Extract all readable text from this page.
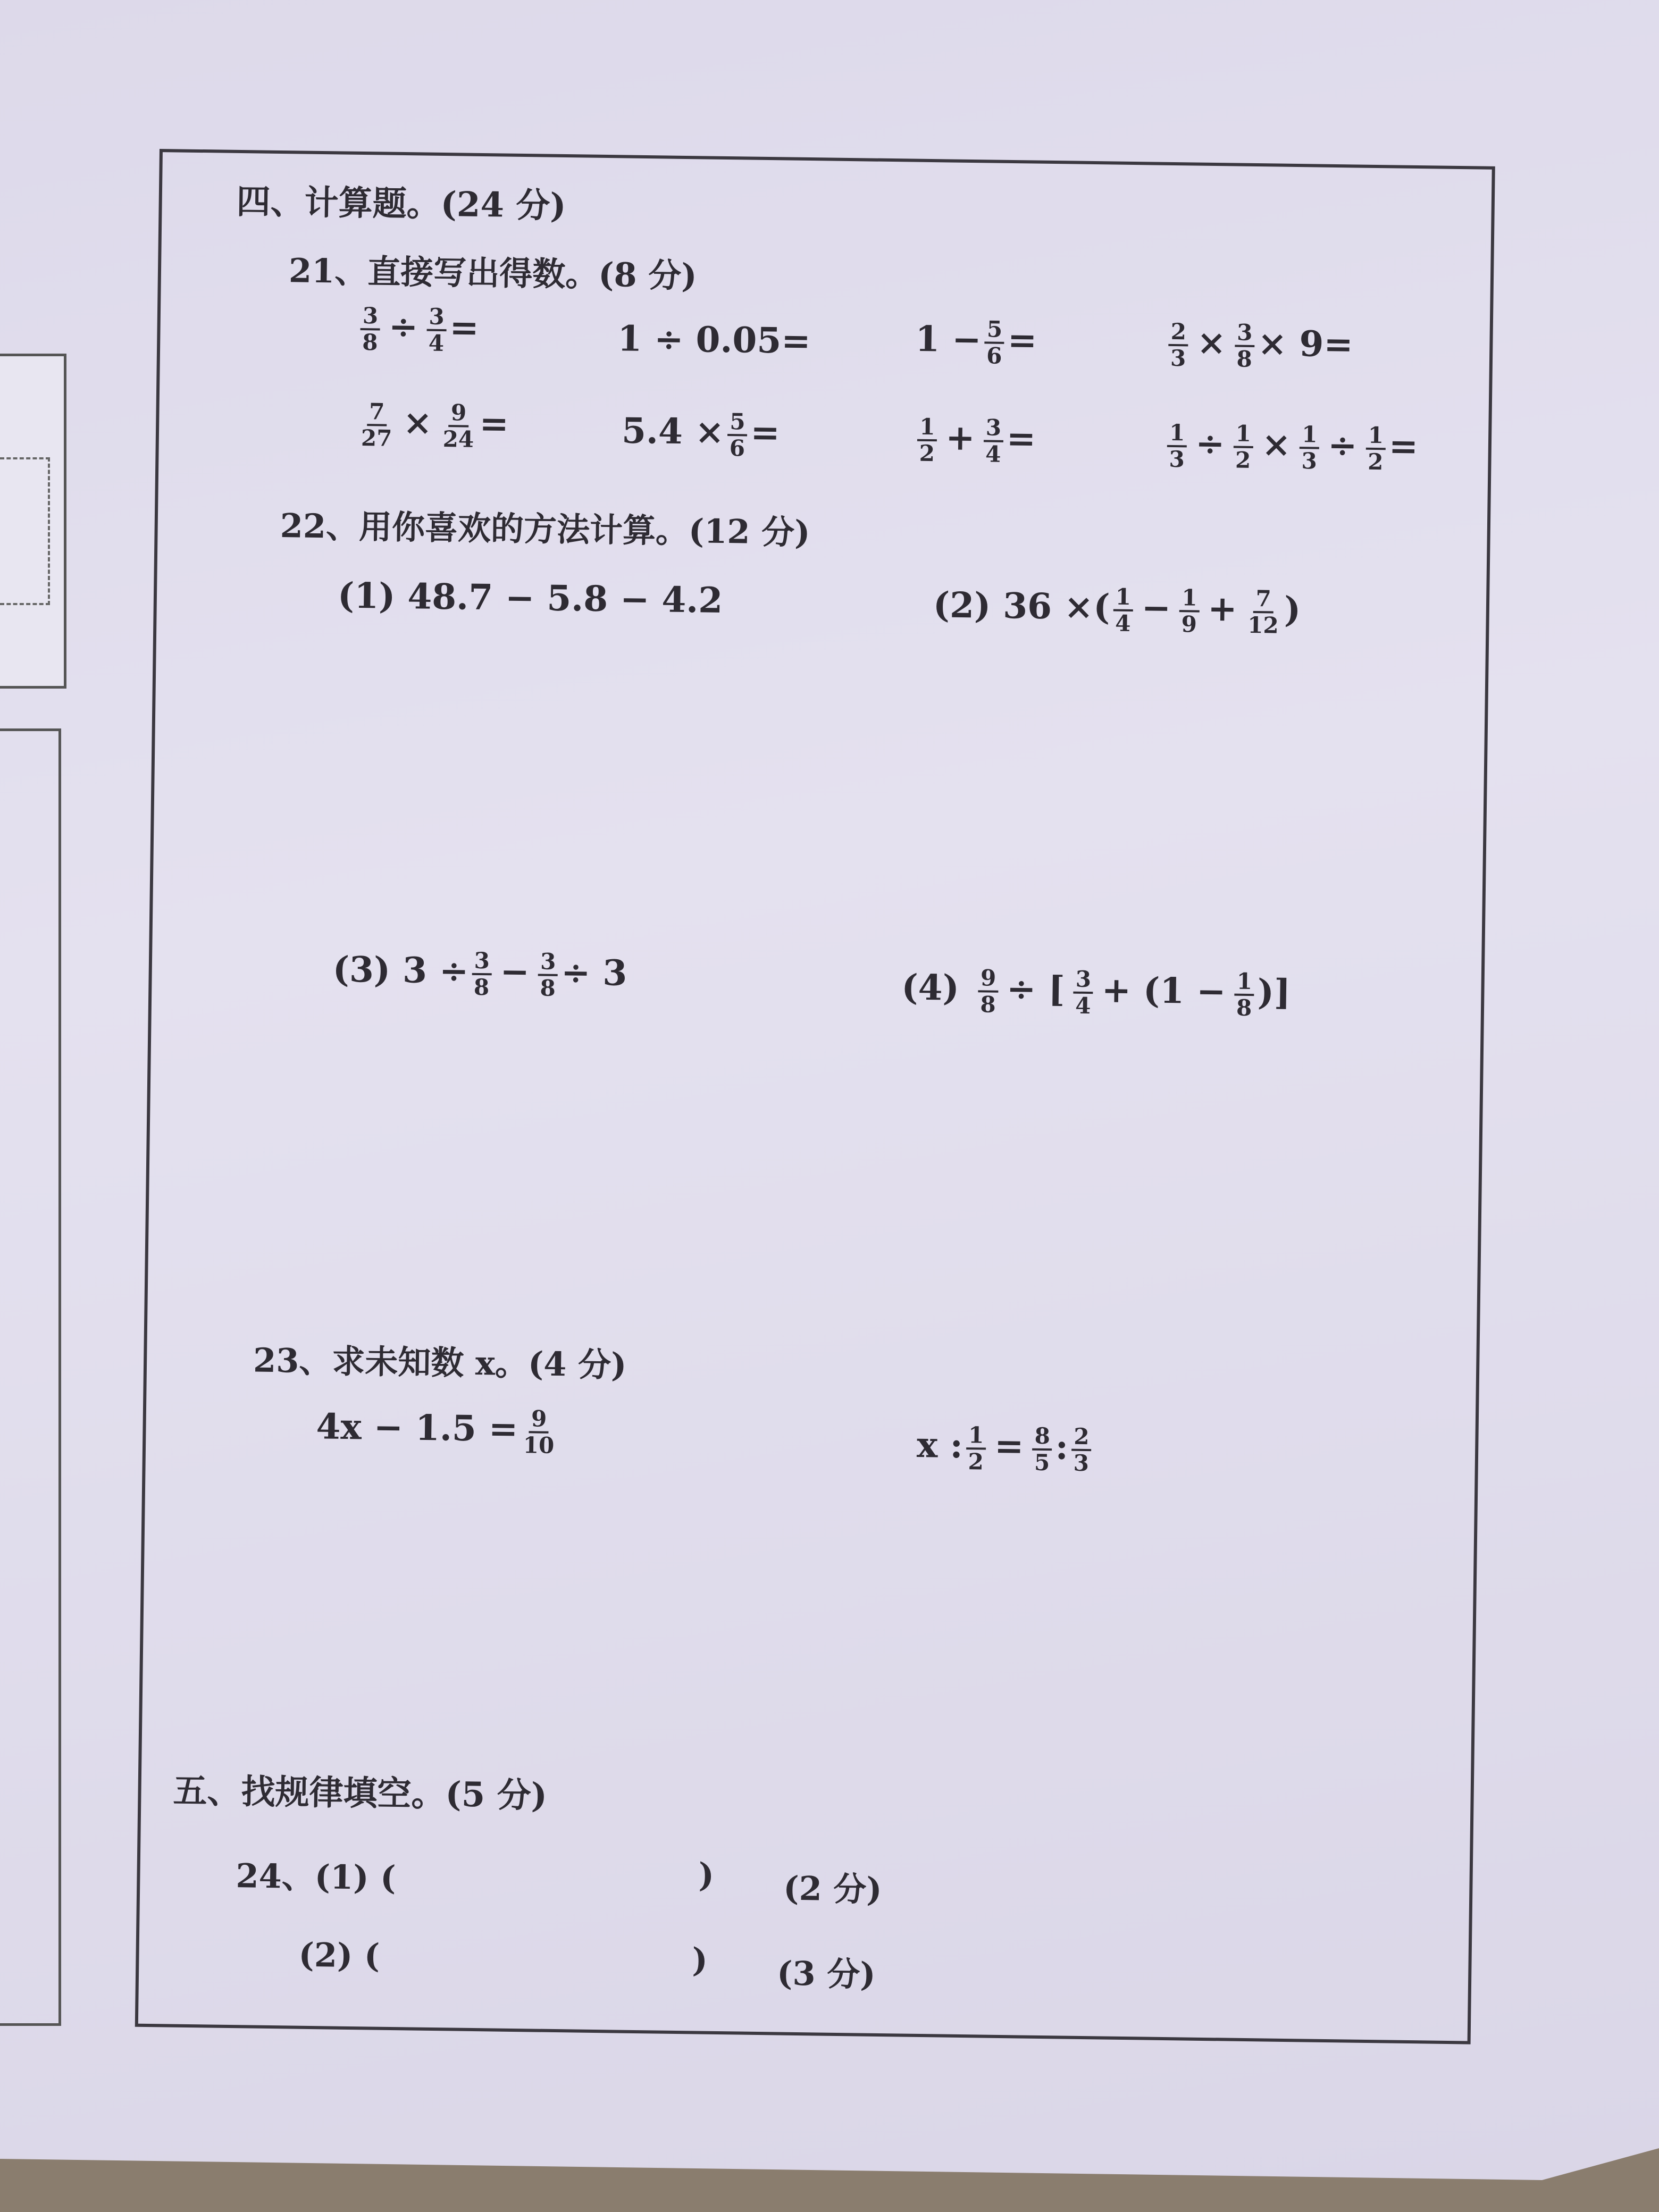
四、计算题。(24 分)
21、直接写出得数。(8 分)
$\frac{3}{8} \div \frac{3}{4}$ =	1 ÷ 0.05=	$1 - \frac{5}{6}$ =	$\frac{2}{3} \times \frac{3}{8} \times 9=$
$\frac{7}{27} \times \frac{9}{24}$ =	$5.4 \times \frac{5}{6}$ =	$\frac{1}{2} + \frac{3}{4}$ =	$\frac{1}{3} \div \frac{1}{2} \times \frac{1}{3} \div \frac{1}{2}$ =
22、用你喜欢的方法计算。(12 分)
(1) 48.7 − 5.8 − 4.2	(2) 36 ×( $\frac{1}{4} - \frac{1}{9} + \frac{7}{12}$ )
(3) $3 \div \frac{3}{8} - \frac{3}{8} \div 3$	$(4) \frac{9}{8}$ ÷ [ $\frac{3}{4} + (1 - \frac{1}{8}$ )]
23、求未知数 x。(4 分)
$4x - 1.5 = \frac{9}{10}$	x : $\frac{1}{2} = \frac{8}{5}$ : $\frac{2}{3}$
五、找规律填空。(5 分)
24、(1) (	) (2 分)
(2) (	) (3 分)
